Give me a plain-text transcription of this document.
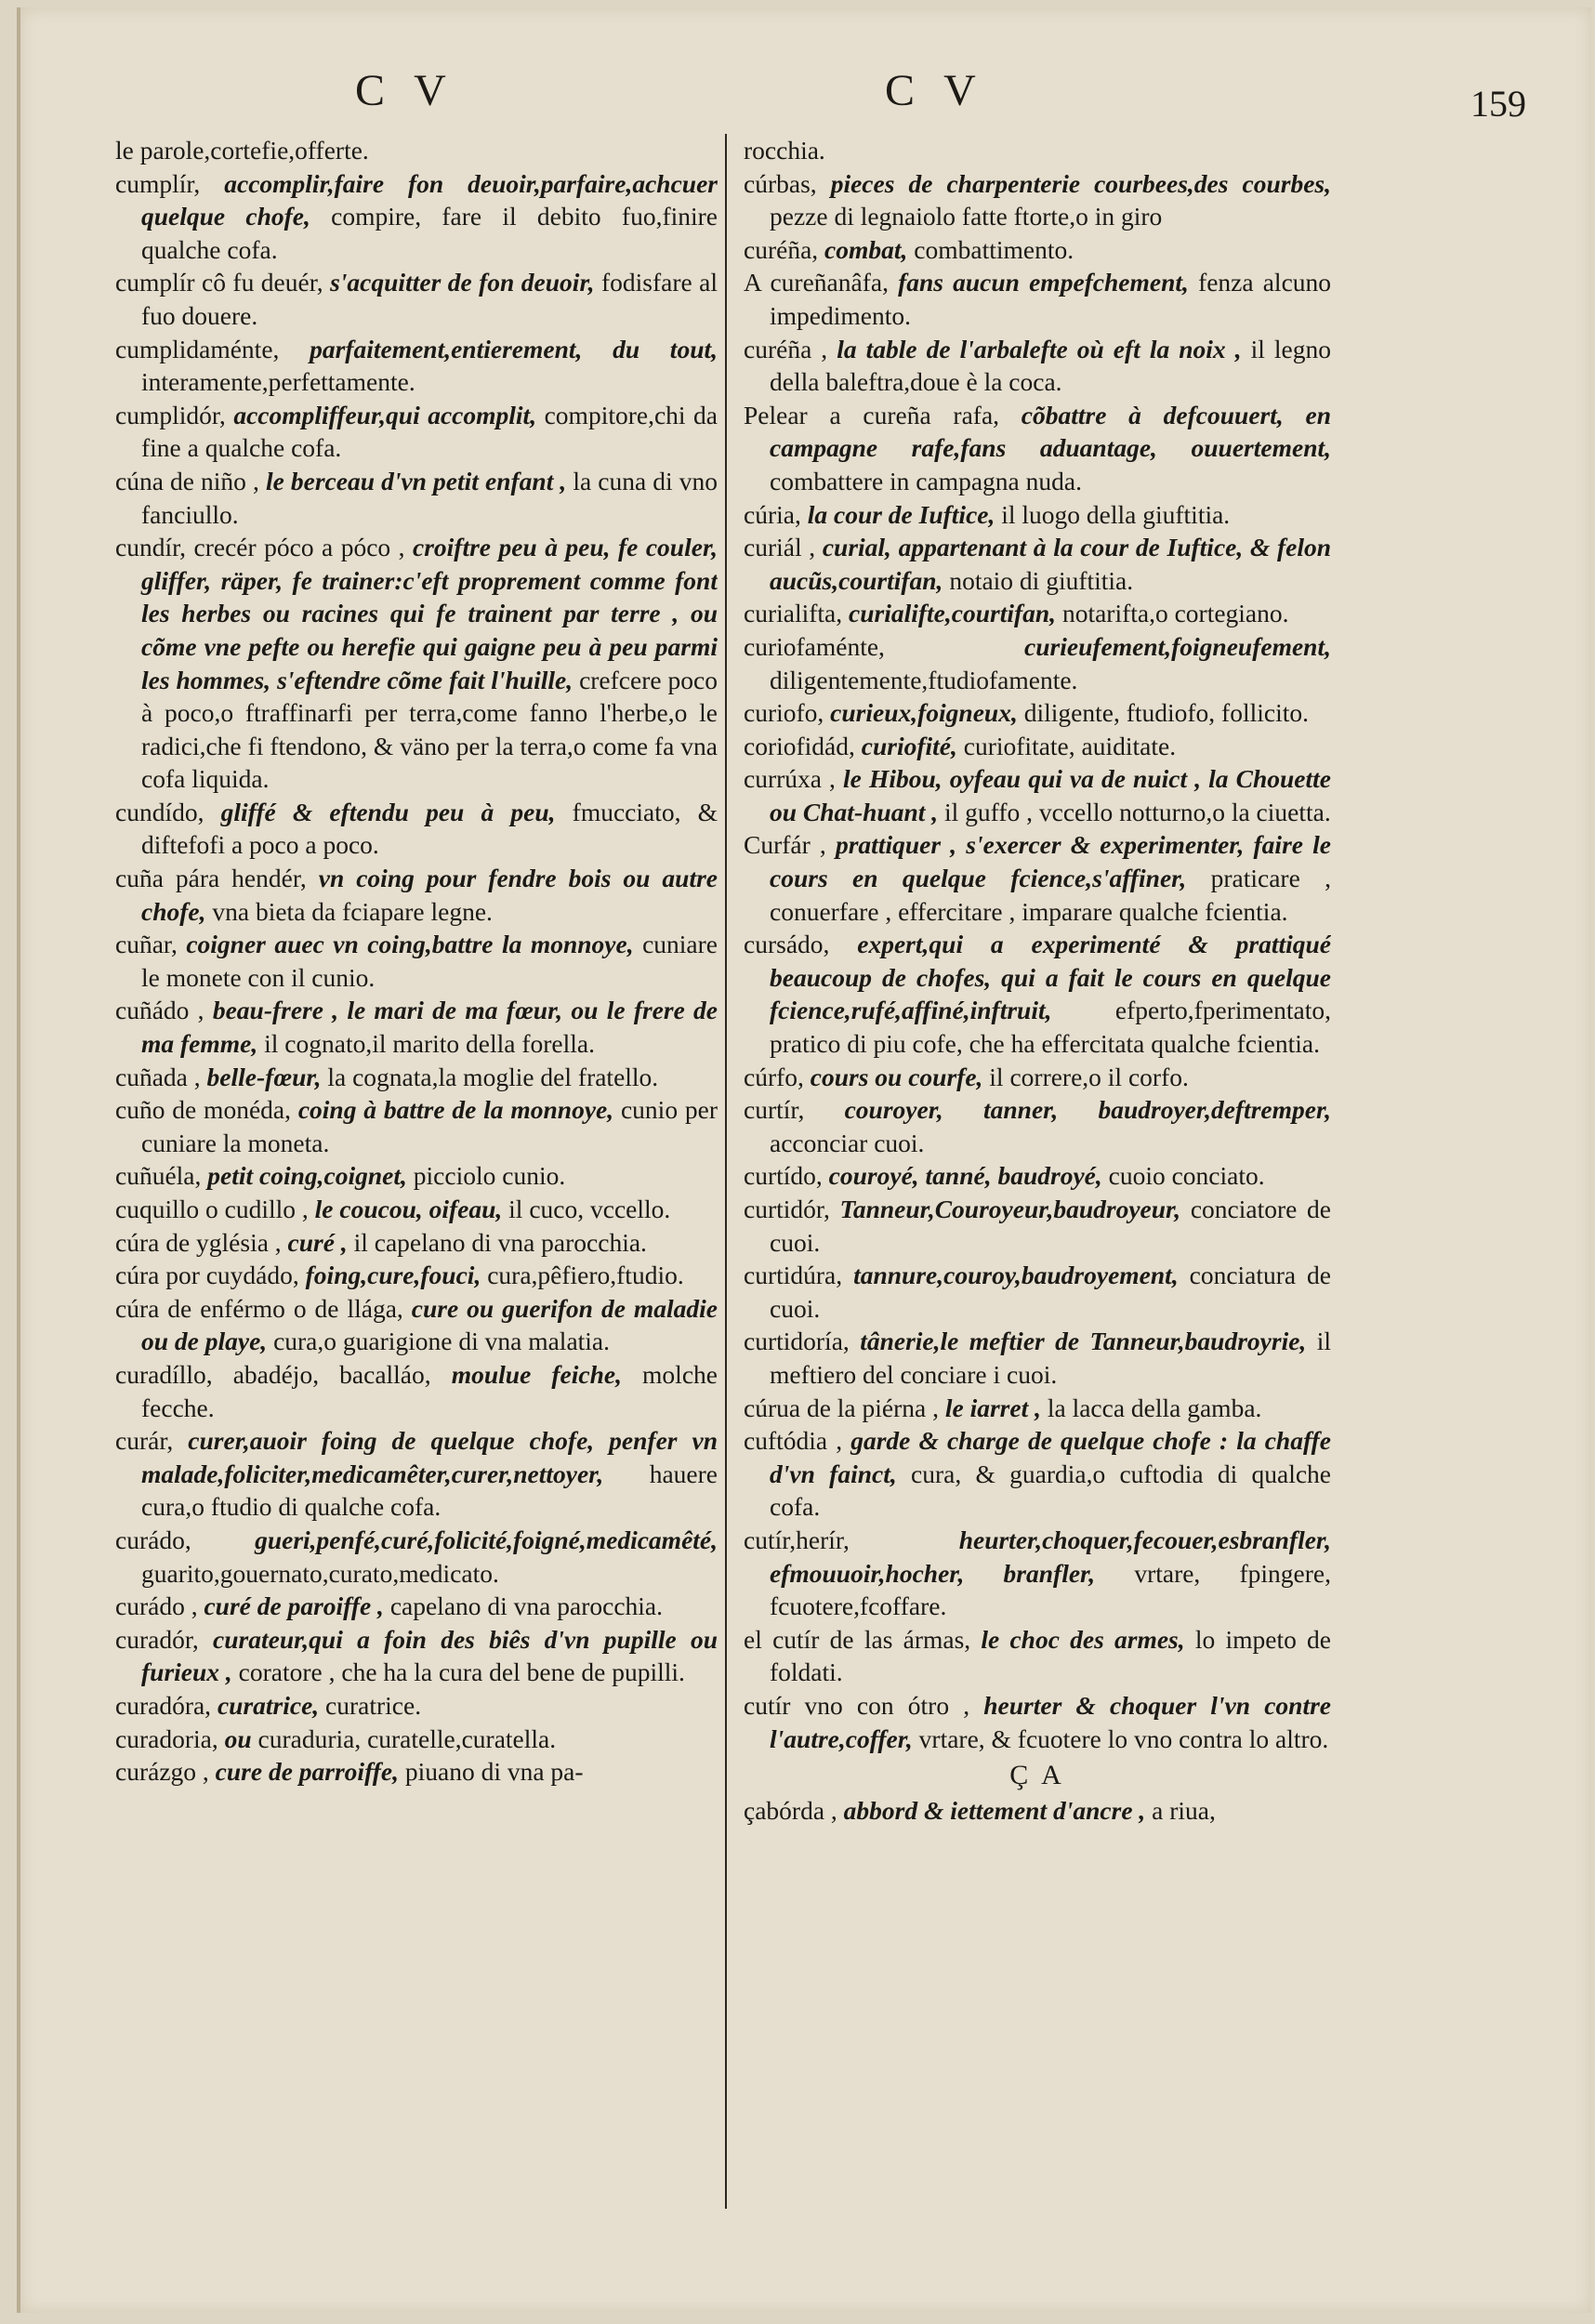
C V	C V	159

le parole,cortefie,offerte.

cumplír, accomplir,faire fon deuoir,parfaire,achcuer quelque chofe, compire, fare il debito fuo,finire qualche cofa.

cumplír cô fu deuér, s'acquitter de fon deuoir, fodisfare al fuo douere.

cumplidaménte, parfaitement,entierement, du tout, interamente,perfettamente.

cumplidór, accompliffeur,qui accomplit, compitore,chi da fine a qualche cofa.

cúna de niño , le berceau d'vn petit enfant , la cuna di vno fanciullo.

cundír, crecér póco a póco , croiftre peu à peu, fe couler, gliffer, räper, fe trainer:c'eft proprement comme font les herbes ou racines qui fe trainent par terre , ou cõme vne pefte ou herefie qui gaigne peu à peu parmi les hommes, s'eftendre cõme fait l'huille, crefcere poco à poco,o ftraffinarfi per terra,come fanno l'herbe,o le radici,che fi ftendono, & väno per la terra,o come fa vna cofa liquida.

cundído, gliffé & eftendu peu à peu, fmucciato, & diftefofi a poco a poco.

cuña pára hendér, vn coing pour fendre bois ou autre chofe, vna bieta da fciapare legne.

cuñar, coigner auec vn coing,battre la monnoye, cuniare le monete con il cunio.

cuñádo , beau-frere , le mari de ma fœur, ou le frere de ma femme, il cognato,il marito della forella.

cuñada , belle-fœur, la cognata,la moglie del fratello.

cuño de monéda, coing à battre de la monnoye, cunio per cuniare la moneta.

cuñuéla, petit coing,coignet, picciolo cunio.

cuquillo o cudillo , le coucou, oifeau, il cuco, vccello.

cúra de yglésia , curé , il capelano di vna parocchia.

cúra por cuydádo, foing,cure,fouci, cura,pêfiero,ftudio.

cúra de enférmo o de llága, cure ou guerifon de maladie ou de playe, cura,o guarigione di vna malatia.

curadíllo, abadéjo, bacalláo, moulue feiche, molche fecche.

curár, curer,auoir foing de quelque chofe, penfer vn malade,foliciter,medicamêter,curer,nettoyer, hauere cura,o ftudio di qualche cofa.

curádo, gueri,penfé,curé,folicité,foigné,medicamêté, guarito,gouernato,curato,medicato.

curádo , curé de paroiffe , capelano di vna parocchia.

curadór, curateur,qui a foin des biês d'vn pupille ou furieux , coratore , che ha la cura del bene de pupilli.

curadóra, curatrice, curatrice.

curadoria, ou curaduria, curatelle,curatella.

curázgo , cure de parroiffe, piuano di vna pa-

rocchia.

cúrbas, pieces de charpenterie courbees,des courbes, pezze di legnaiolo fatte ftorte,o in giro

curéña, combat, combattimento.

A cureñanâfa, fans aucun empefchement, fenza alcuno impedimento.

curéña , la table de l'arbalefte où eft la noix , il legno della baleftra,doue è la coca.

Pelear a cureña rafa, cõbattre à defcouuert, en campagne rafe,fans aduantage, ouuertement, combattere in campagna nuda.

cúria, la cour de Iuftice, il luogo della giuftitia.

curiál , curial, appartenant à la cour de Iuftice, & felon aucũs,courtifan, notaio di giuftitia.

curialifta, curialifte,courtifan, notarifta,o cortegiano.

curiofaménte,	curieufement,foigneufement, diligentemente,ftudiofamente.

curiofo, curieux,foigneux, diligente, ftudiofo, follicito.

coriofidád, curiofité, curiofitate, auiditate.

currúxa , le Hibou, oyfeau qui va de nuict , la Chouette ou Chat-huant , il guffo , vccello notturno,o la ciuetta.

Curfár , prattiquer , s'exercer & experimenter, faire le cours en quelque fcience,s'affiner, praticare , conuerfare , effercitare , imparare qualche fcientia.

cursádo, expert,qui a experimenté & prattiqué beaucoup de chofes, qui a fait le cours en quelque fcience,rufé,affiné,inftruit, efperto,fperimentato, pratico di piu cofe, che ha effercitata qualche fcientia.

cúrfo, cours ou courfe, il correre,o il corfo.

curtír, couroyer, tanner, baudroyer,deftremper, acconciar cuoi.

curtído, couroyé, tanné, baudroyé, cuoio conciato.

curtidór, Tanneur,Couroyeur,baudroyeur, conciatore de cuoi.

curtidúra, tannure,couroy,baudroyement, conciatura de cuoi.

curtidoría, tânerie,le meftier de Tanneur,baudroyrie, il meftiero del conciare i cuoi.

cúrua de la piérna , le iarret , la lacca della gamba.

cuftódia , garde & charge de quelque chofe : la chaffe d'vn fainct, cura, & guardia,o cuftodia di qualche cofa.

cutír,herír,	heurter,choquer,fecouer,esbranfler, efmouuoir,hocher, branfler, vrtare, fpingere, fcuotere,fcoffare.

el cutír de las ármas, le choc des armes, lo impeto de foldati.

cutír vno con ótro , heurter & choquer l'vn contre l'autre,coffer, vrtare, & fcuotere lo vno contra lo altro.

Ç A

çabórda , abbord & iettement d'ancre , a riua,
